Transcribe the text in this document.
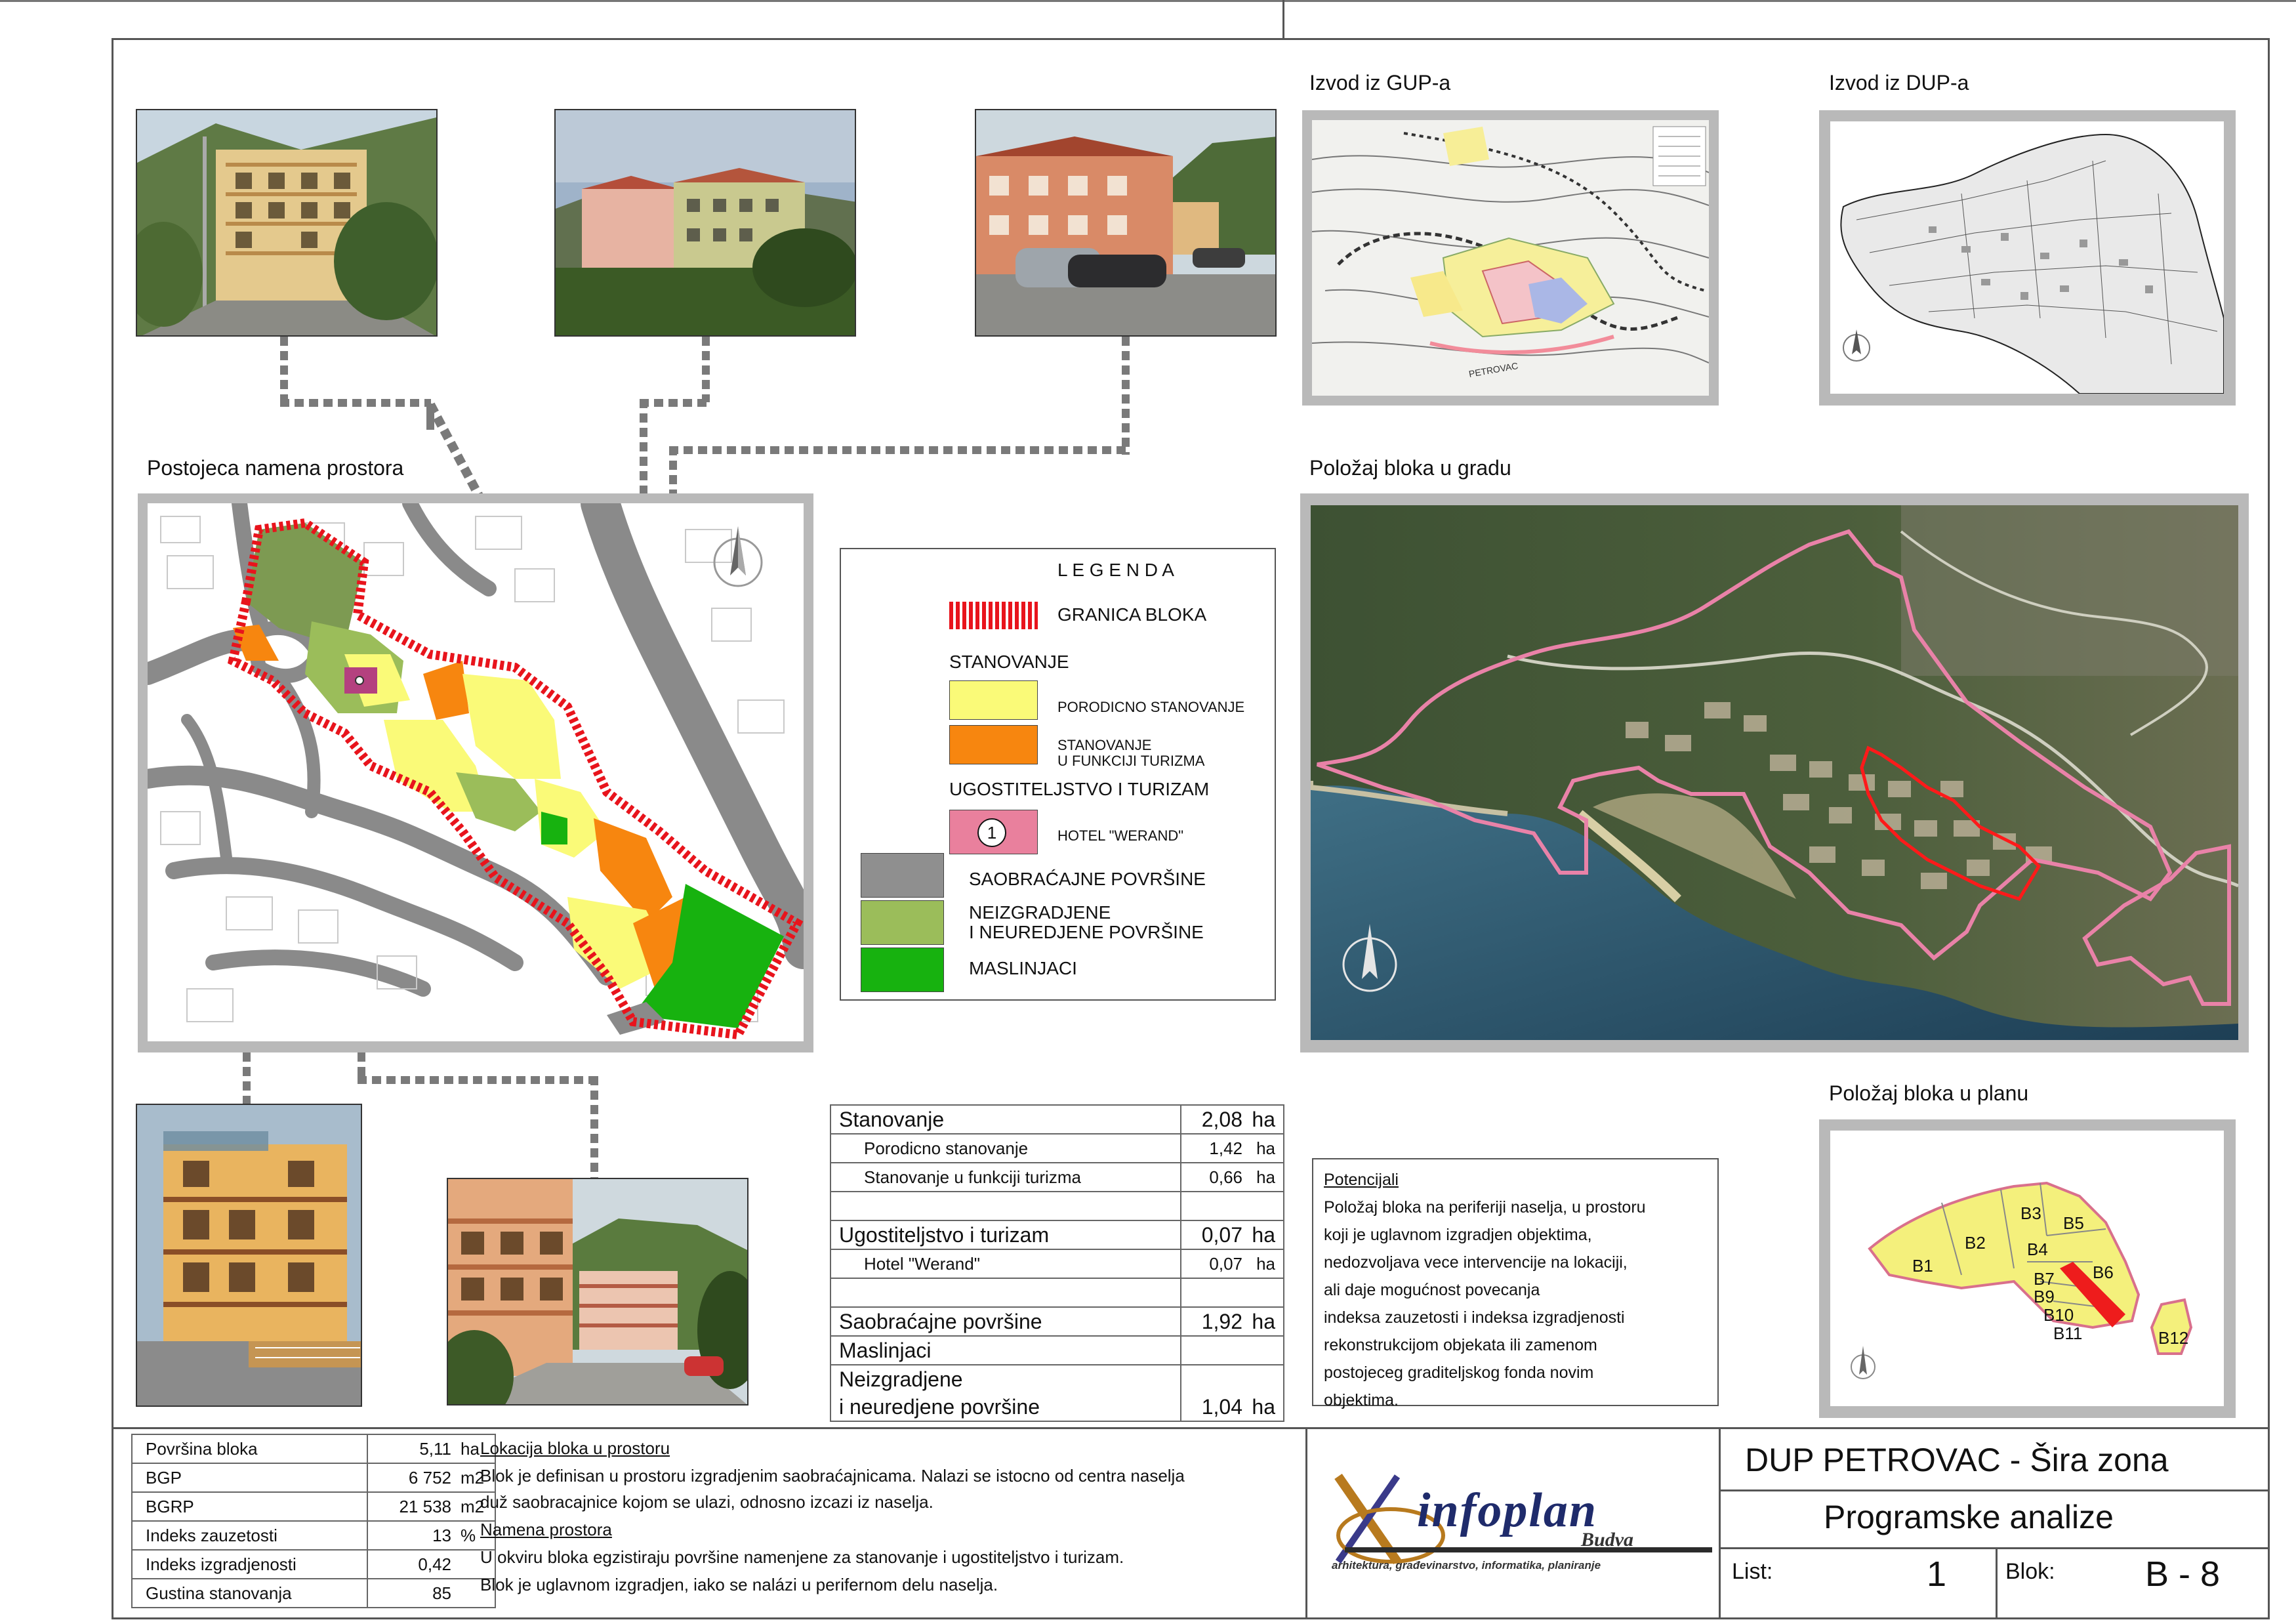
Izvod iz GUP-a
PETROVAC
Izvod iz DUP-a
Postojeca namena prostora
L E G E N D A
GRANICA BLOKA
STANOVANJE
PORODICNO STANOVANJE
STANOVANJE
U FUNKCIJI TURIZMA
UGOSTITELJSTVO I TURIZAM
1	HOTEL "WERAND"
SAOBRAĆAJNE POVRŠINE
NEIZGRADJENE
I NEUREDJENE POVRŠINE
MASLINJACI
Položaj bloka u gradu
Stanovanje	2,08 ha
Porodicno stanovanje	1,42 ha
Stanovanje u funkciji turizma	0,66 ha

Ugostiteljstvo i turizam	0,07 ha
Hotel "Werand"	0,07 ha

Saobraćajne površine	1,92 ha
Maslinjaci	
Neizgradjene	
i neuredjene površine	1,04 ha
Potencijali
Položaj bloka na periferiji naselja, u prostoru
koji je uglavnom izgradjen objektima,
nedozvoljava vece intervencije na lokaciji,
ali daje mogućnost povecanja
indeksa zauzetosti i indeksa izgradjenosti
rekonstrukcijom objekata ili zamenom
postojeceg graditeljskog fonda novim
objektima.
Položaj bloka u planu
B1
B2
B3
B4
B5
B6
B7
B9
B10
B11	B12
Površina bloka	5,11	ha
BGP	6 752	m2
BGRP	21 538	m2
Indeks zauzetosti	13	%
Indeks izgradjenosti	0,42	
Gustina stanovanja	85	
Lokacija bloka u prostoru
Blok je definisan u prostoru izgradjenim saobraćajnicama. Nalazi se istocno od centra naselja
duž saobracajnice kojom se ulazi, odnosno izcazi iz naselja.
Namena prostora
U okviru bloka egzistiraju površine namenjene za stanovanje i ugostiteljstvo i turizam.
Blok je uglavnom izgradjen, iako se nalázi u perifernom delu naselja.
infoplan
Budva
arhitektura, građevinarstvo, informatika, planiranje
DUP PETROVAC - Šira zona
Programske analize
List:	1	Blok:	B - 8
